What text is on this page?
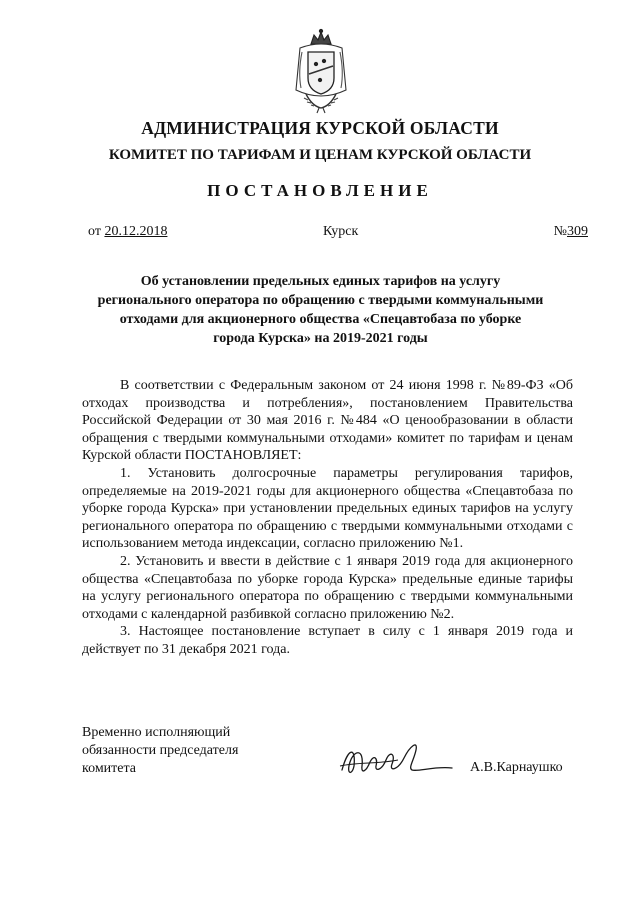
АДМИНИСТРАЦИЯ КУРСКОЙ ОБЛАСТИ
КОМИТЕТ ПО ТАРИФАМ И ЦЕНАМ КУРСКОЙ ОБЛАСТИ
ПОСТАНОВЛЕНИЕ
от 20.12.2018	Курск	№309
Об установлении предельных единых тарифов на услугу
регионального оператора по обращению с твердыми коммунальными
отходами для акционерного общества «Спецавтобаза по уборке
города Курска» на 2019-2021 годы

В соответствии с Федеральным законом от 24 июня 1998 г. №89-ФЗ «Об отходах производства и потребления», постановлением Правительства Российской Федерации от 30 мая 2016 г. №484 «О ценообразовании в области обращения с твердыми коммунальными отходами» комитет по тарифам и ценам Курской области ПОСТАНОВЛЯЕТ:

1. Установить долгосрочные параметры регулирования тарифов, определяемые на 2019-2021 годы для акционерного общества «Спецавтобаза по уборке города Курска» при установлении предельных единых тарифов на услугу регионального оператора по обращению с твердыми коммунальными отходами с использованием метода индексации, согласно приложению №1.

2. Установить и ввести в действие с 1 января 2019 года для акционерного общества «Спецавтобаза по уборке города Курска» предельные единые тарифы на услугу регионального оператора по обращению с твердыми коммунальными отходами с календарной разбивкой согласно приложению №2.

3. Настоящее постановление вступает в силу с 1 января 2019 года и действует по 31 декабря 2021 года.

Временно исполняющий
обязанности председателя
комитета	А.В.Карнаушко
